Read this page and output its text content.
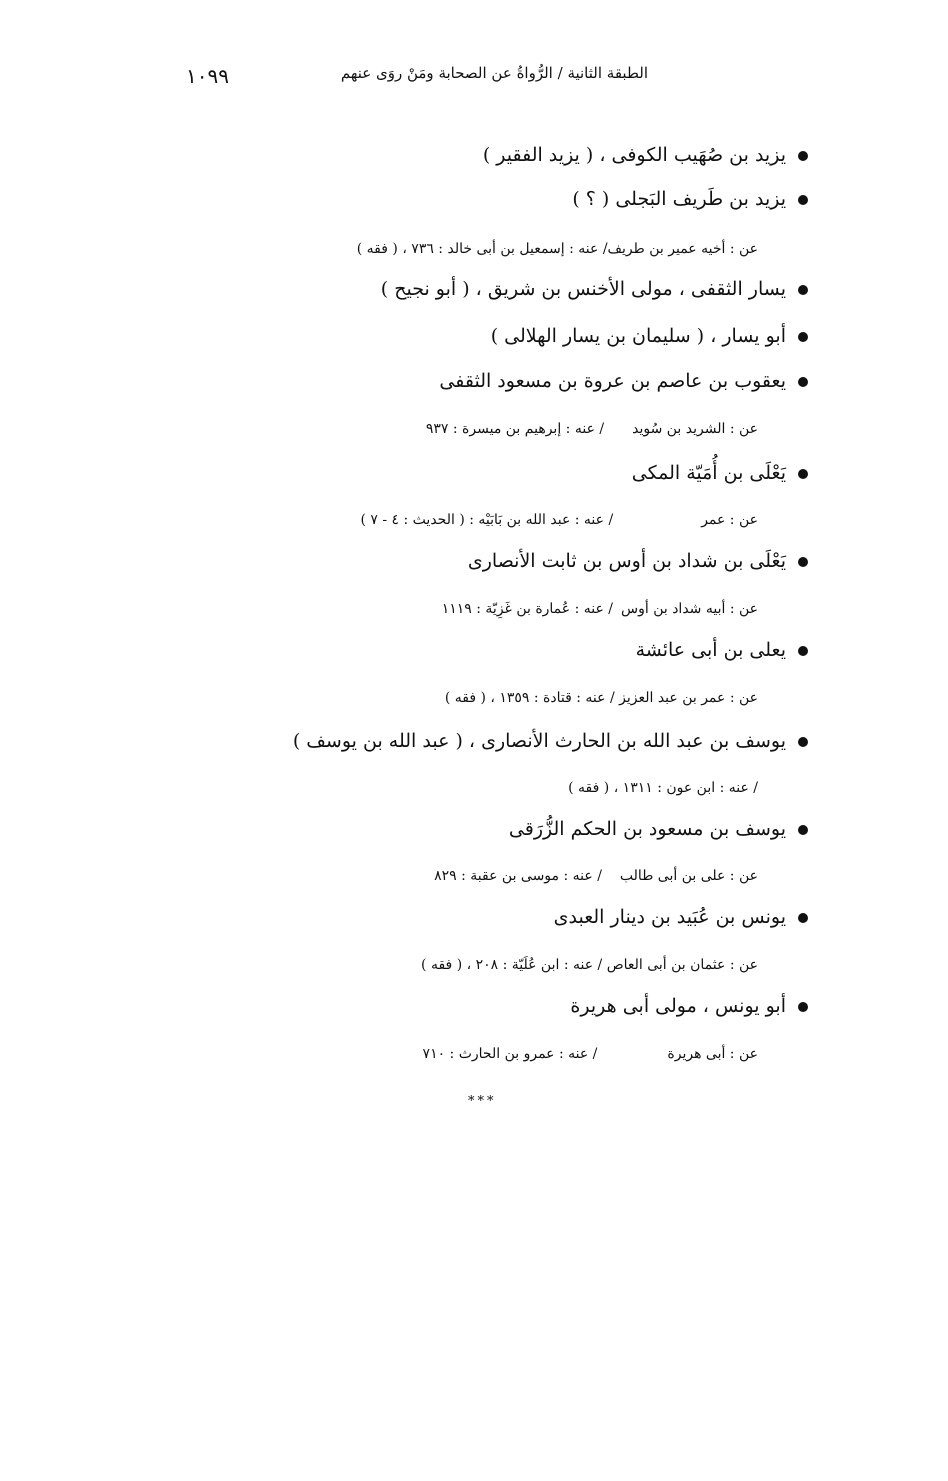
الطبقة الثانية / الرُّواةُ عن الصحابة ومَنْ روَى عنهم
١٠٩٩
يزيد بن صُهَيب الكوفى ، ( يزيد الفقير )
يزيد بن طَريف البَجلى ( ؟ )
عن : أخيه عمير بن طريف/ عنه : إسمعيل بن أبى خالد : ٧٣٦ ، ( فقه )
يسار الثقفى ، مولى الأخنس بن شريق ، ( أبو نجيح )
أبو يسار ، ( سليمان بن يسار الهلالى )
يعقوب بن عاصم بن عروة بن مسعود الثقفى
عن : الشريد بن سُويد/ عنه : إبرهيم بن ميسرة : ٩٣٧
يَعْلَى بن أُمَيّة المكى
عن : عمر/ عنه : عبد الله بن بَابَيْه : ( الحديث : ٤ - ٧ )
يَعْلَى بن شداد بن أوس بن ثابت الأنصارى
عن : أبيه شداد بن أوس/ عنه : عُمارة بن غَزِيّة : ١١١٩
يعلى بن أبى عائشة
عن : عمر بن عبد العزيز / عنه : قتادة : ١٣٥٩ ، ( فقه )
يوسف بن عبد الله بن الحارث الأنصارى ، ( عبد الله بن يوسف )
/ عنه : ابن عون : ١٣١١ ، ( فقه )
يوسف بن مسعود بن الحكم الزُّرَقى
عن : على بن أبى طالب/ عنه : موسى بن عقبة : ٨٢٩
يونس بن عُبَيد بن دينار العبدى
عن : عثمان بن أبى العاص / عنه : ابن عُلَيّة : ٢٠٨ ، ( فقه )
أبو يونس ، مولى أبى هريرة
عن : أبى هريرة/ عنه : عمرو بن الحارث : ٧١٠
***
